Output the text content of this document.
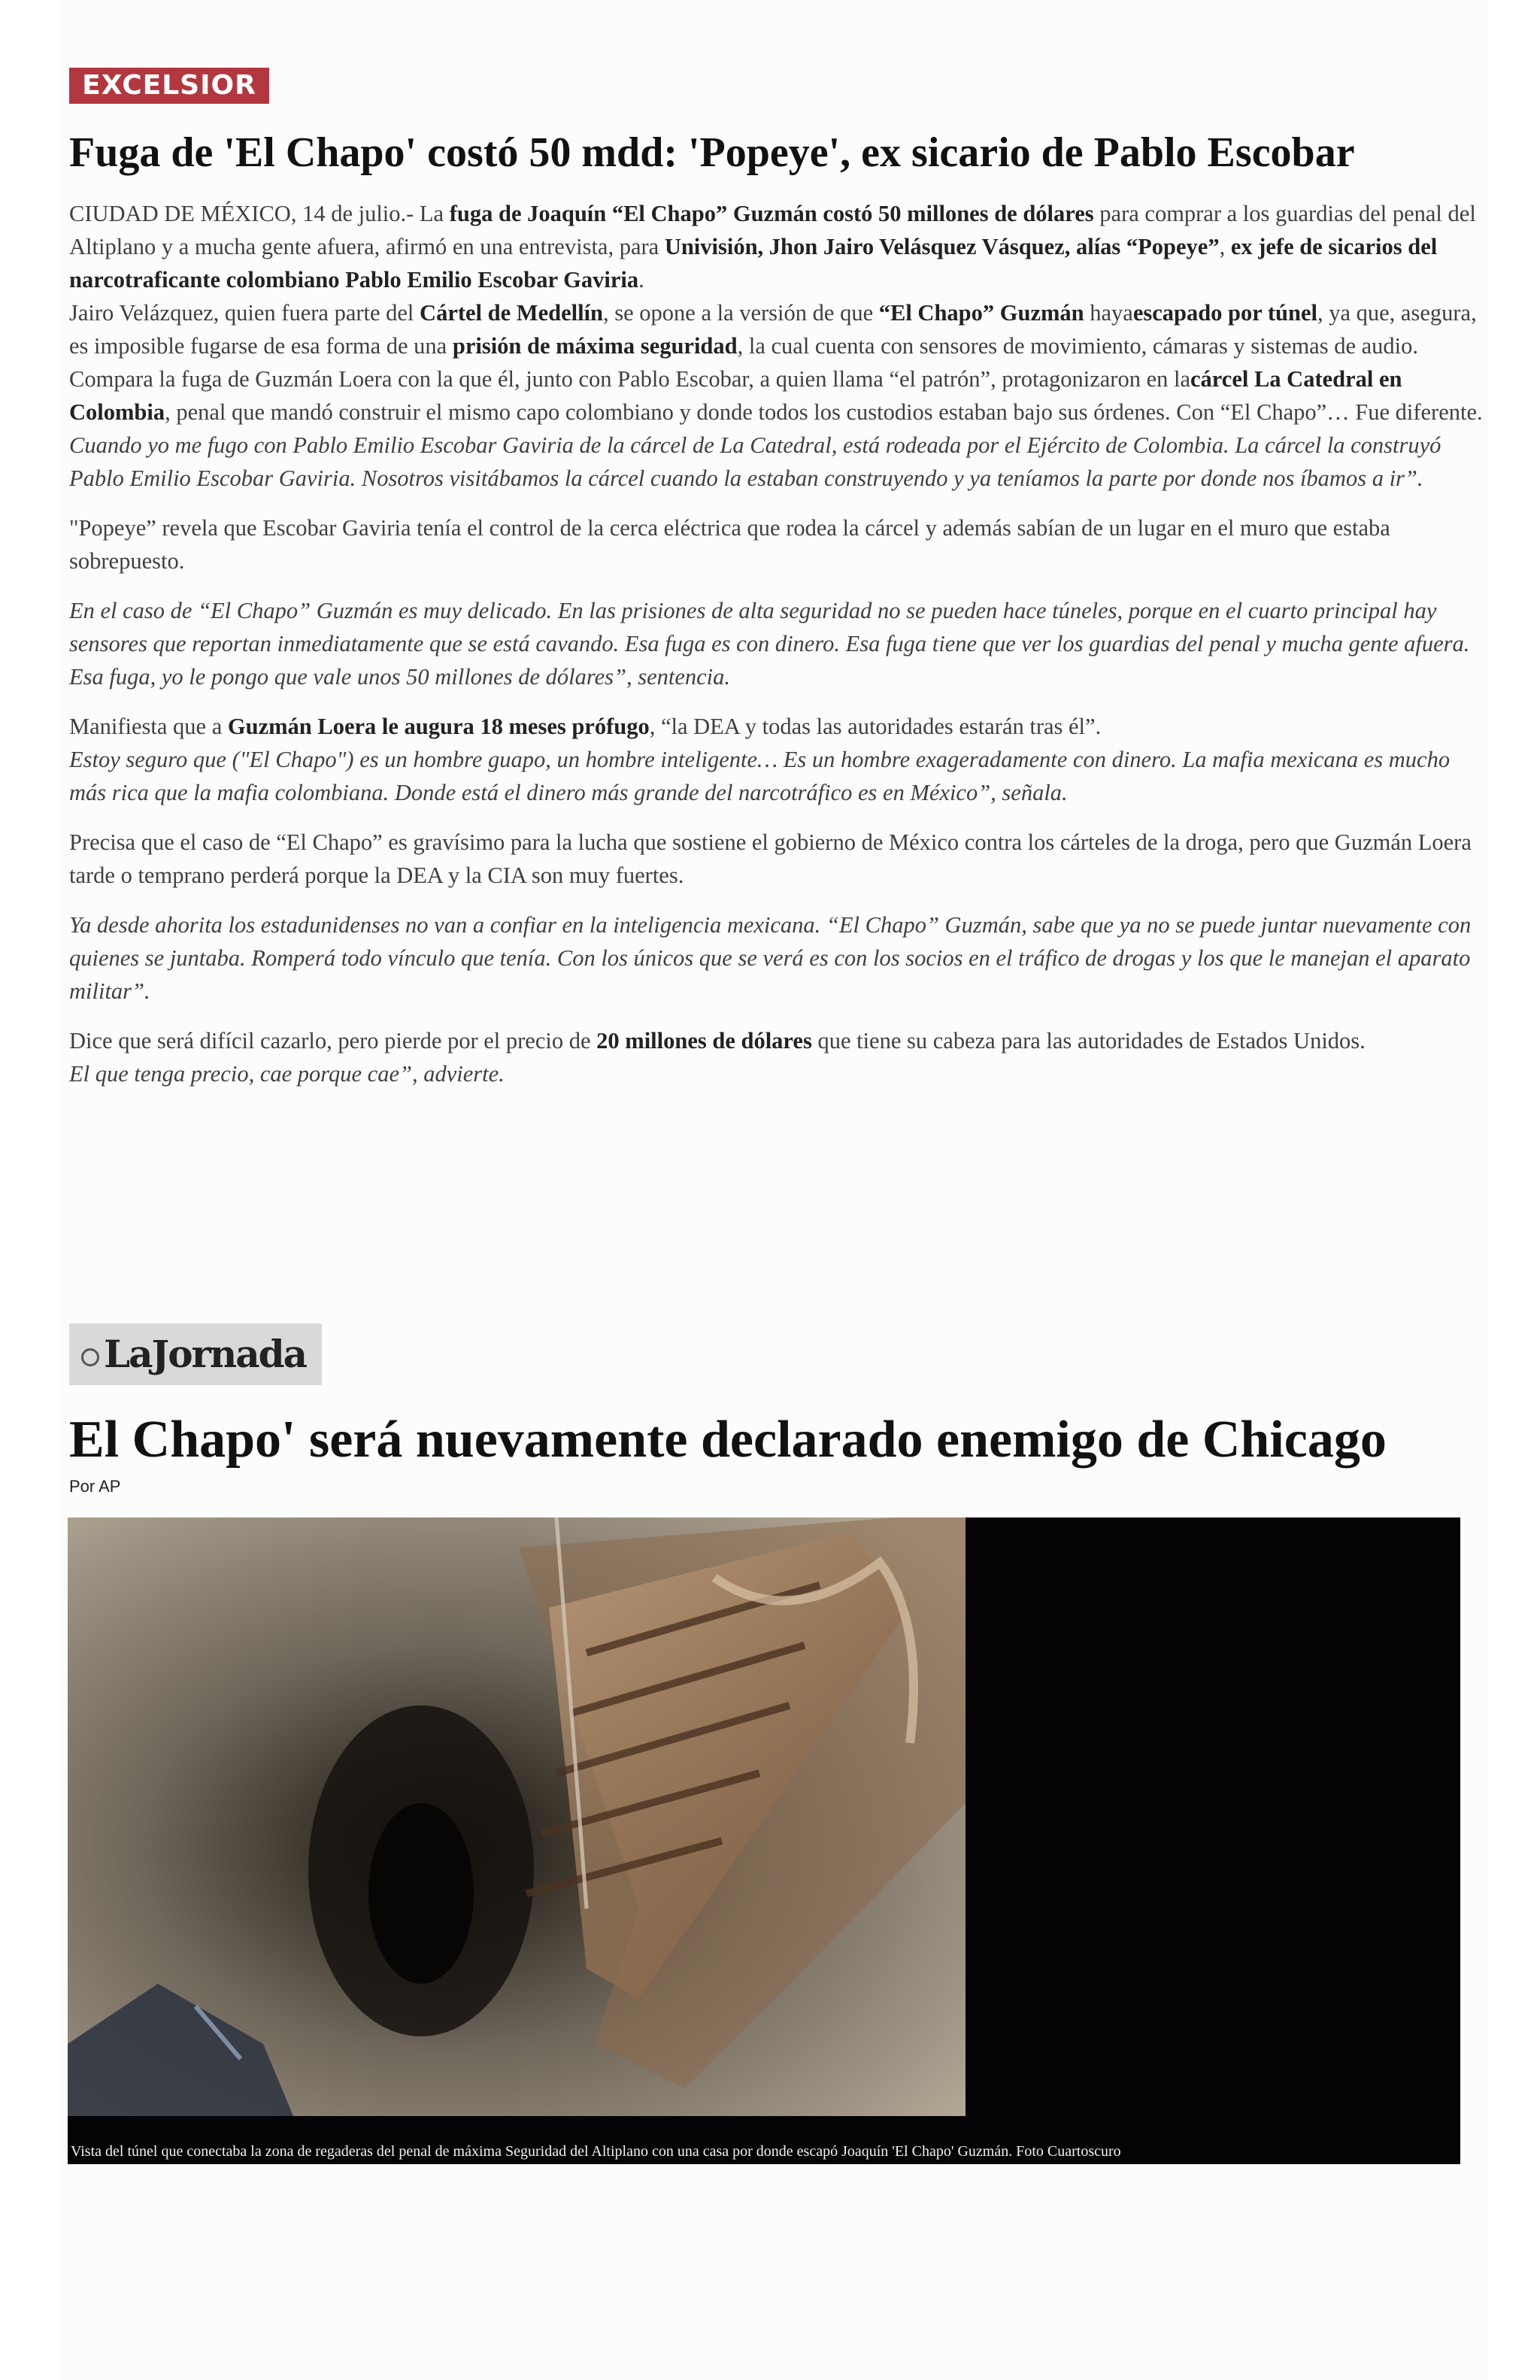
EXCELSIOR
Fuga de 'El Chapo' costó 50 mdd: 'Popeye', ex sicario de Pablo Escobar

CIUDAD DE MÉXICO, 14 de julio.- La fuga de Joaquín “El Chapo” Guzmán costó 50 millones de dólares para comprar a los guardias del penal del Altiplano y a mucha gente afuera, afirmó en una entrevista, para Univisión, Jhon Jairo Velásquez Vásquez, alías “Popeye”, ex jefe de sicarios del narcotraficante colombiano Pablo Emilio Escobar Gaviria.

Jairo Velázquez, quien fuera parte del Cártel de Medellín, se opone a la versión de que “El Chapo” Guzmán hayaescapado por túnel, ya que, asegura, es imposible fugarse de esa forma de una prisión de máxima seguridad, la cual cuenta con sensores de movimiento, cámaras y sistemas de audio.

Compara la fuga de Guzmán Loera con la que él, junto con Pablo Escobar, a quien llama “el patrón”, protagonizaron en lacárcel La Catedral en Colombia, penal que mandó construir el mismo capo colombiano y donde todos los custodios estaban bajo sus órdenes. Con “El Chapo”… Fue diferente.

Cuando yo me fugo con Pablo Emilio Escobar Gaviria de la cárcel de La Catedral, está rodeada por el Ejército de Colombia. La cárcel la construyó Pablo Emilio Escobar Gaviria. Nosotros visitábamos la cárcel cuando la estaban construyendo y ya teníamos la parte por donde nos íbamos a ir”.

"Popeye” revela que Escobar Gaviria tenía el control de la cerca eléctrica que rodea la cárcel y además sabían de un lugar en el muro que estaba sobrepuesto.

En el caso de “El Chapo” Guzmán es muy delicado. En las prisiones de alta seguridad no se pueden hace túneles, porque en el cuarto principal hay sensores que reportan inmediatamente que se está cavando. Esa fuga es con dinero. Esa fuga tiene que ver los guardias del penal y mucha gente afuera. Esa fuga, yo le pongo que vale unos 50 millones de dólares”, sentencia.

Manifiesta que a Guzmán Loera le augura 18 meses prófugo, “la DEA y todas las autoridades estarán tras él”.

Estoy seguro que ("El Chapo") es un hombre guapo, un hombre inteligente… Es un hombre exageradamente con dinero. La mafia mexicana es mucho más rica que la mafia colombiana. Donde está el dinero más grande del narcotráfico es en México”, señala.

Precisa que el caso de “El Chapo” es gravísimo para la lucha que sostiene el gobierno de México contra los cárteles de la droga, pero que Guzmán Loera tarde o temprano perderá porque la DEA y la CIA son muy fuertes.

Ya desde ahorita los estadunidenses no van a confiar en la inteligencia mexicana. “El Chapo” Guzmán, sabe que ya no se puede juntar nuevamente con quienes se juntaba. Romperá todo vínculo que tenía. Con los únicos que se verá es con los socios en el tráfico de drogas y los que le manejan el aparato militar”.

Dice que será difícil cazarlo, pero pierde por el precio de 20 millones de dólares que tiene su cabeza para las autoridades de Estados Unidos.

El que tenga precio, cae porque cae”, advierte.

LaJornada
El Chapo' será nuevamente declarado enemigo de Chicago
Por AP
Vista del túnel que conectaba la zona de regaderas del penal de máxima Seguridad del Altiplano con una casa por donde escapó Joaquín 'El Chapo' Guzmán. Foto Cuartoscuro
